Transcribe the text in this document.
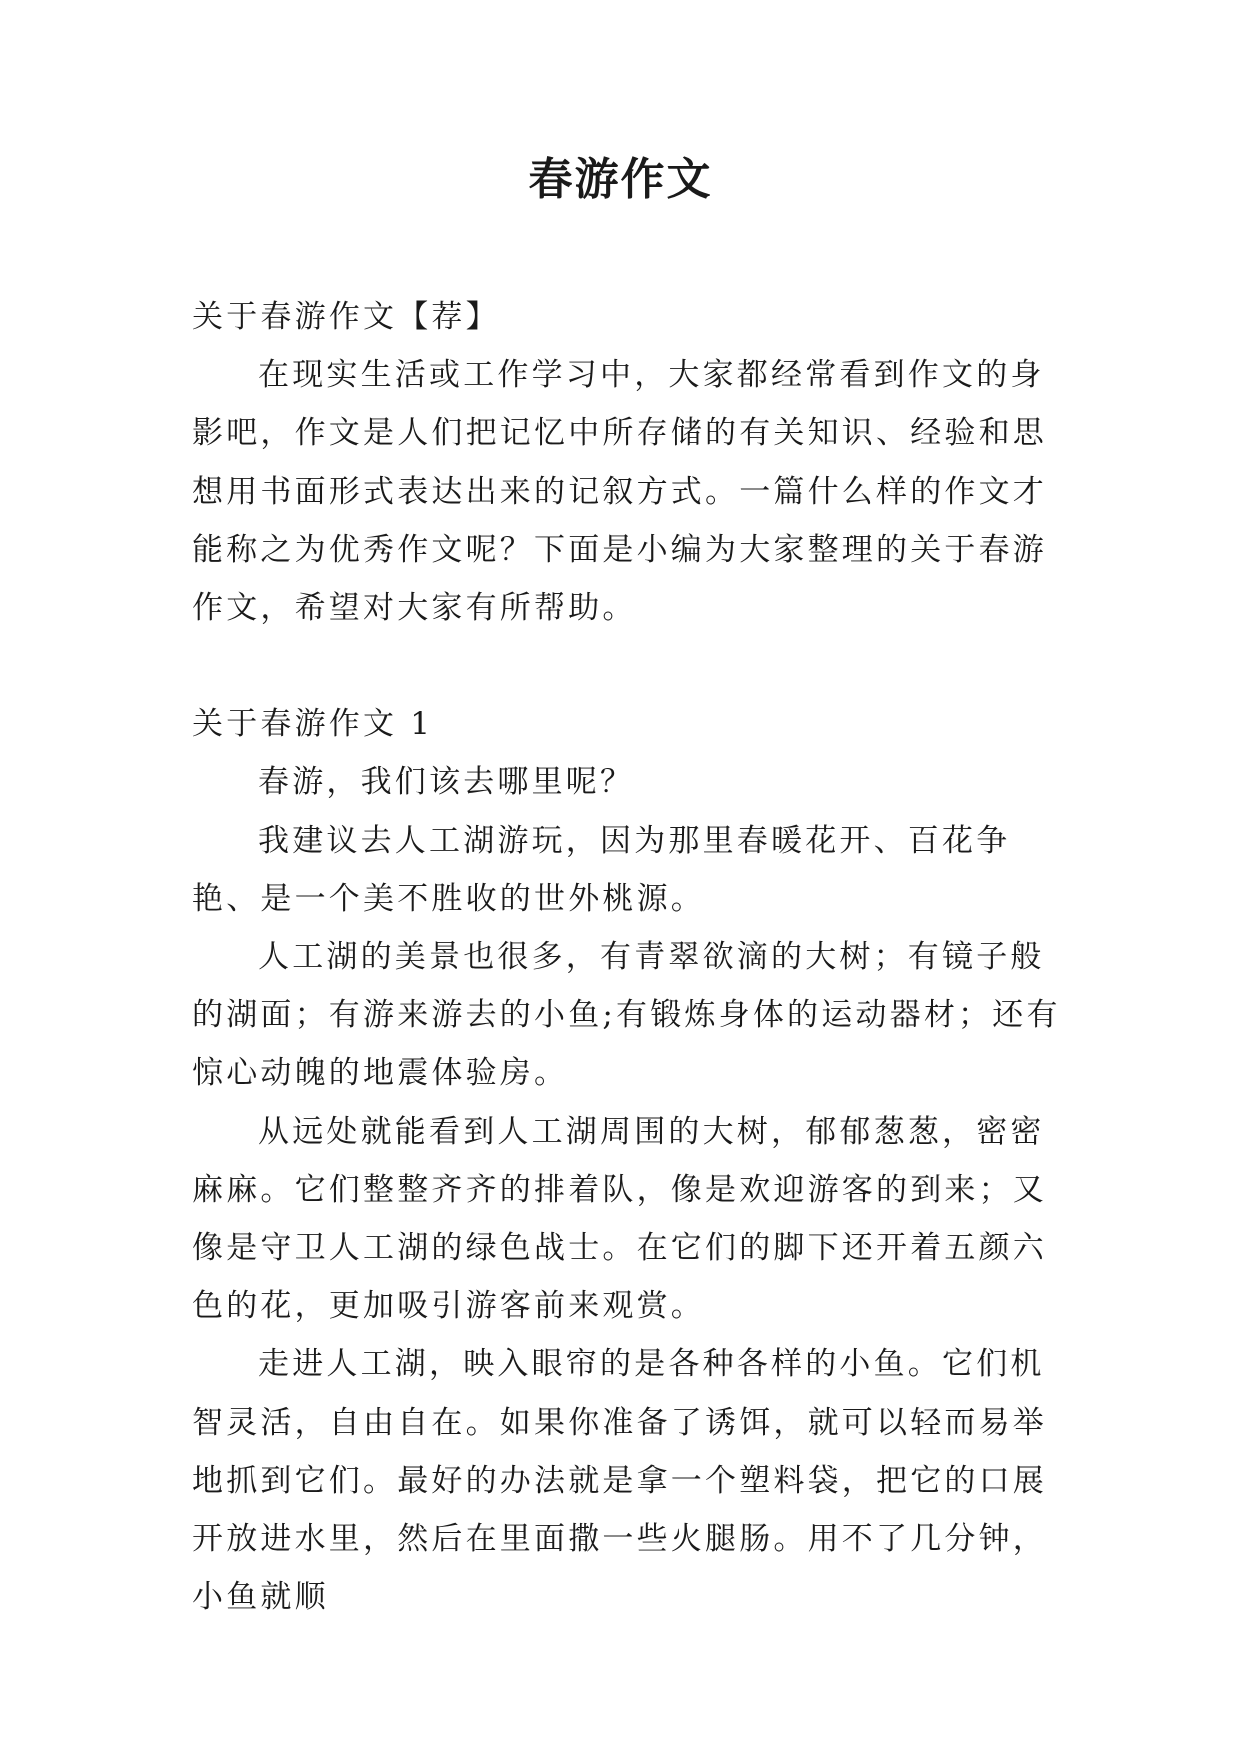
春游作文

关于春游作文【荐】

在现实生活或工作学习中，大家都经常看到作文的身影吧，作文是人们把记忆中所存储的有关知识、经验和思想用书面形式表达出来的记叙方式。一篇什么样的作文才能称之为优秀作文呢？下面是小编为大家整理的关于春游作文，希望对大家有所帮助。

关于春游作文 1

春游，我们该去哪里呢？

我建议去人工湖游玩，因为那里春暖花开、百花争艳、是一个美不胜收的世外桃源。

人工湖的美景也很多，有青翠欲滴的大树；有镜子般的湖面；有游来游去的小鱼;有锻炼身体的运动器材；还有惊心动魄的地震体验房。

从远处就能看到人工湖周围的大树，郁郁葱葱，密密麻麻。它们整整齐齐的排着队，像是欢迎游客的到来；又像是守卫人工湖的绿色战士。在它们的脚下还开着五颜六色的花，更加吸引游客前来观赏。

走进人工湖，映入眼帘的是各种各样的小鱼。它们机智灵活，自由自在。如果你准备了诱饵，就可以轻而易举地抓到它们。最好的办法就是拿一个塑料袋，把它的口展开放进水里，然后在里面撒一些火腿肠。用不了几分钟，小鱼就顺
